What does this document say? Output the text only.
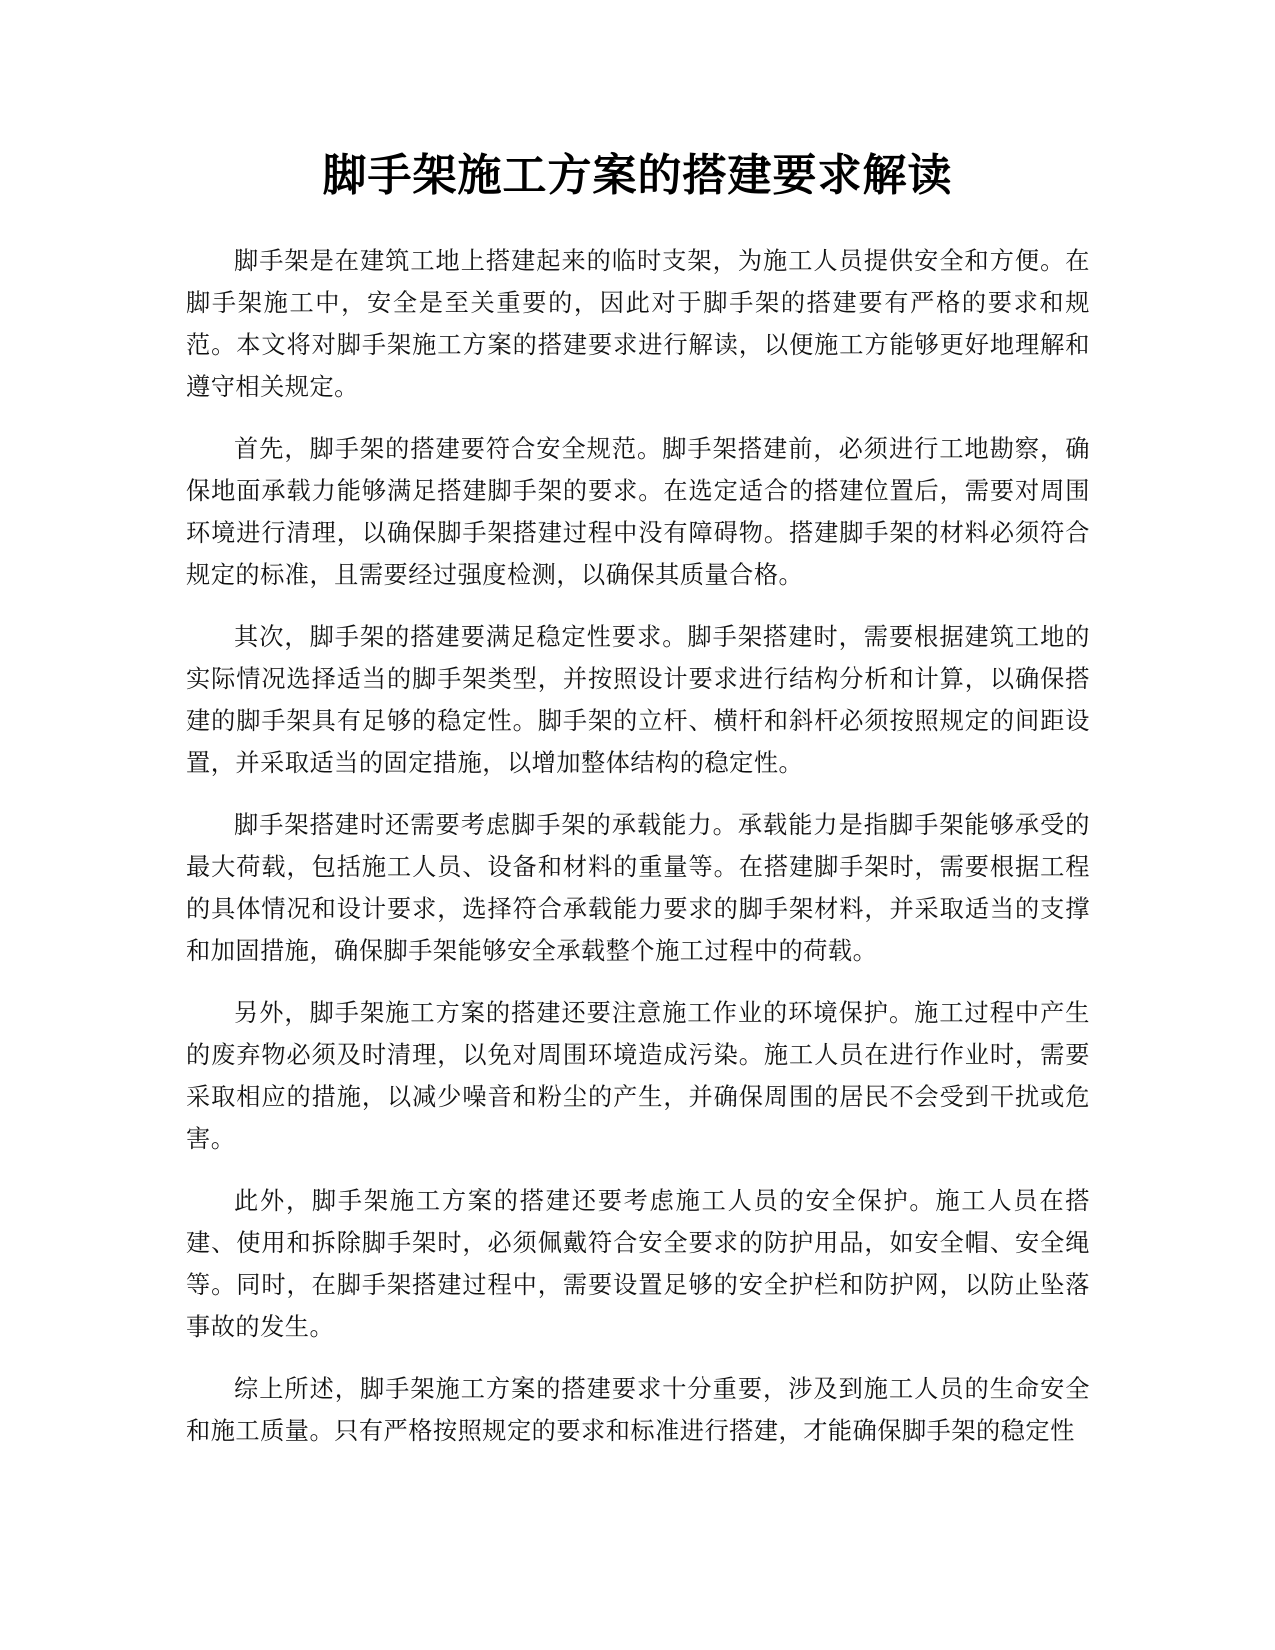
脚手架施工方案的搭建要求解读

脚手架是在建筑工地上搭建起来的临时支架，为施工人员提供安全和方便。在脚手架施工中，安全是至关重要的，因此对于脚手架的搭建要有严格的要求和规范。本文将对脚手架施工方案的搭建要求进行解读，以便施工方能够更好地理解和遵守相关规定。

首先，脚手架的搭建要符合安全规范。脚手架搭建前，必须进行工地勘察，确保地面承载力能够满足搭建脚手架的要求。在选定适合的搭建位置后，需要对周围环境进行清理，以确保脚手架搭建过程中没有障碍物。搭建脚手架的材料必须符合规定的标准，且需要经过强度检测，以确保其质量合格。

其次，脚手架的搭建要满足稳定性要求。脚手架搭建时，需要根据建筑工地的实际情况选择适当的脚手架类型，并按照设计要求进行结构分析和计算，以确保搭建的脚手架具有足够的稳定性。脚手架的立杆、横杆和斜杆必须按照规定的间距设置，并采取适当的固定措施，以增加整体结构的稳定性。

脚手架搭建时还需要考虑脚手架的承载能力。承载能力是指脚手架能够承受的最大荷载，包括施工人员、设备和材料的重量等。在搭建脚手架时，需要根据工程的具体情况和设计要求，选择符合承载能力要求的脚手架材料，并采取适当的支撑和加固措施，确保脚手架能够安全承载整个施工过程中的荷载。

另外，脚手架施工方案的搭建还要注意施工作业的环境保护。施工过程中产生的废弃物必须及时清理，以免对周围环境造成污染。施工人员在进行作业时，需要采取相应的措施，以减少噪音和粉尘的产生，并确保周围的居民不会受到干扰或危害。

此外，脚手架施工方案的搭建还要考虑施工人员的安全保护。施工人员在搭建、使用和拆除脚手架时，必须佩戴符合安全要求的防护用品，如安全帽、安全绳等。同时，在脚手架搭建过程中，需要设置足够的安全护栏和防护网，以防止坠落事故的发生。

综上所述，脚手架施工方案的搭建要求十分重要，涉及到施工人员的生命安全和施工质量。只有严格按照规定的要求和标准进行搭建，才能确保脚手架的稳定性
